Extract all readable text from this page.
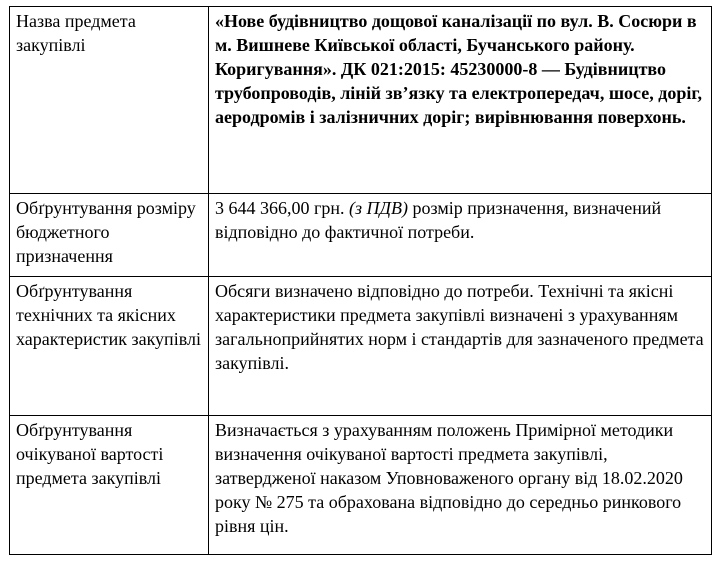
Назва предмета закупівлі	«Нове будівництво дощової каналізації по вул. В. Сосюри в м. Вишневе Київської області, Бучанського району. Коригування». ДК 021:2015: 45230000-8 — Будівництво трубопроводів, ліній зв’язку та електропередач, шосе, доріг, аеродромів і залізничних доріг; вирівнювання поверхонь.
Обґрунтування розміру бюджетного призначення	3 644 366,00 грн. (з ПДВ) розмір призначення, визначений відповідно до фактичної потреби.
Обґрунтування технічних та якісних характеристик закупівлі	Обсяги визначено відповідно до потреби. Технічні та якісні характеристики предмета закупівлі визначені з урахуванням загальноприйнятих норм і стандартів для зазначеного предмета закупівлі.
Обґрунтування очікуваної вартості предмета закупівлі	Визначається з урахуванням положень Примірної методики визначення очікуваної вартості предмета закупівлі, затвердженої наказом Уповноваженого органу від 18.02.2020 року № 275 та обрахована відповідно до середньо ринкового рівня цін.
